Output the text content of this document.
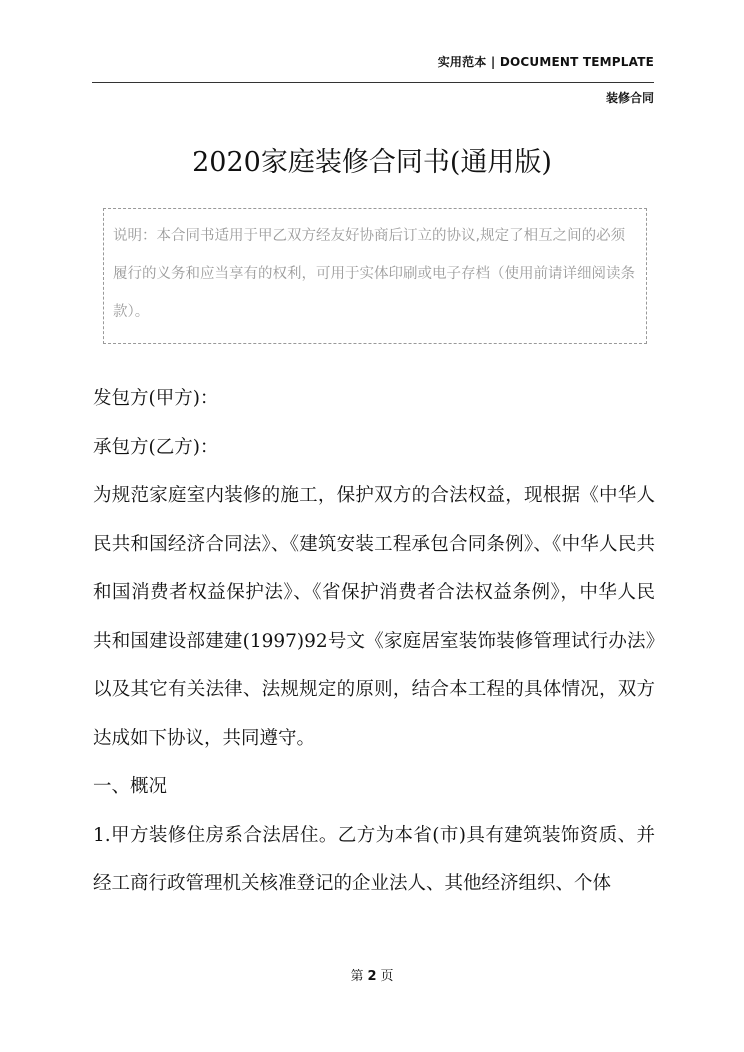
实用范本 | DOCUMENT TEMPLATE
装修合同
2020家庭装修合同书(通用版)
说明：本合同书适用于甲乙双方经友好协商后订立的协议,规定了相互之间的必须履行的义务和应当享有的权利，可用于实体印刷或电子存档（使用前请详细阅读条款）。

发包方(甲方)：

承包方(乙方)：

为规范家庭室内装修的施工，保护双方的合法权益，现根据《中华人民共和国经济合同法》、《建筑安装工程承包合同条例》、《中华人民共和国消费者权益保护法》、《省保护消费者合法权益条例》，中华人民共和国建设部建建(1997)92号文《家庭居室装饰装修管理试行办法》以及其它有关法律、法规规定的原则，结合本工程的具体情况，双方达成如下协议，共同遵守。

一、概况

1.甲方装修住房系合法居住。乙方为本省(市)具有建筑装饰资质、并经工商行政管理机关核准登记的企业法人、其他经济组织、个体

第 2 页
